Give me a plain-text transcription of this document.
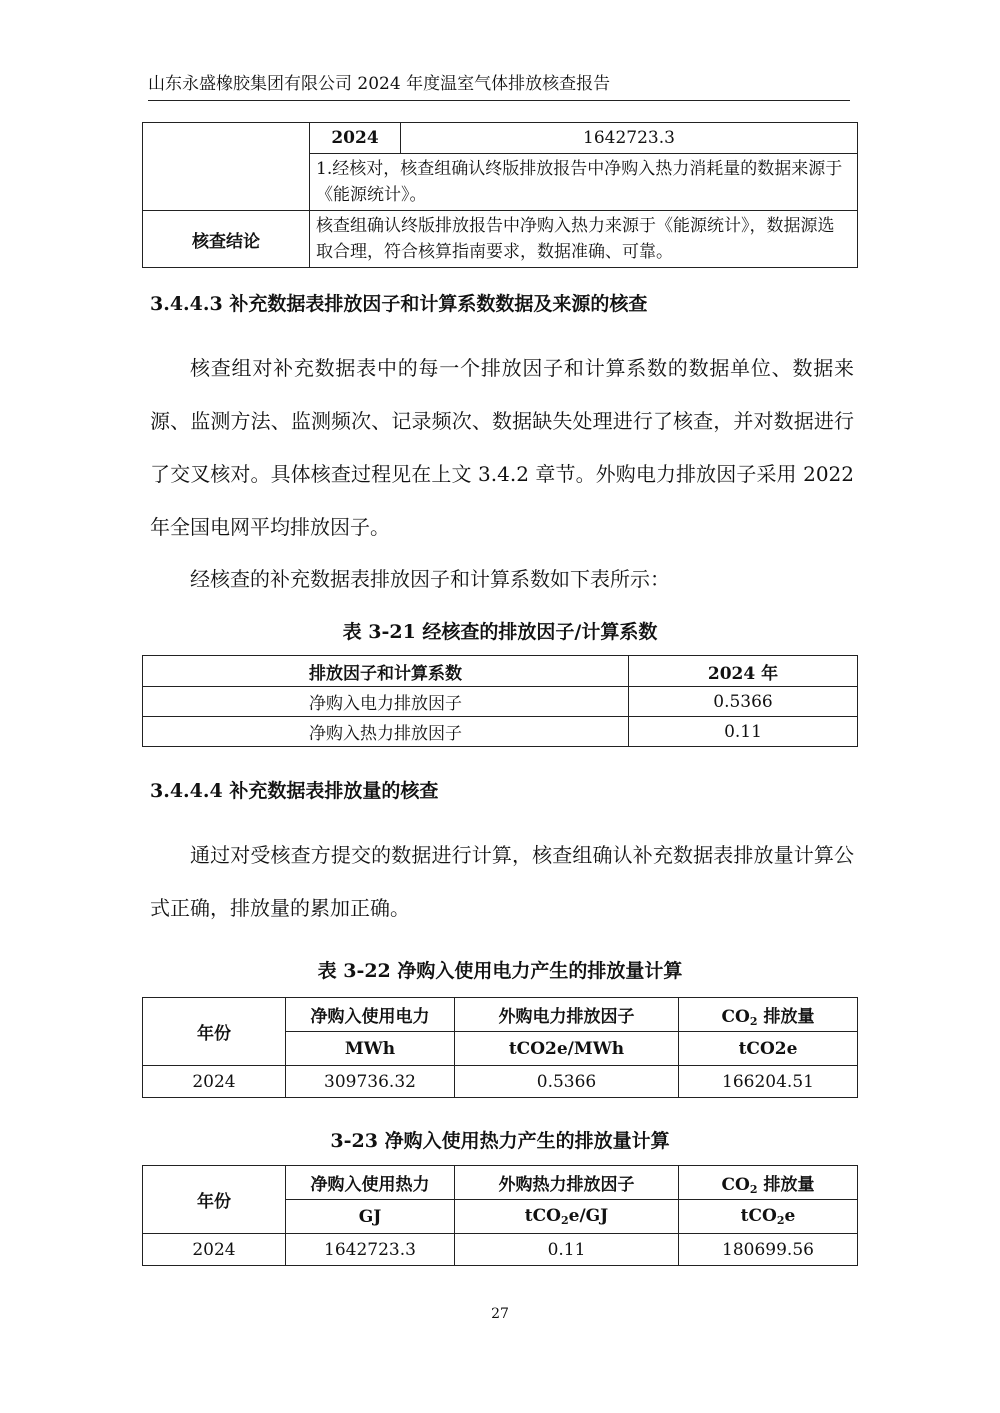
山东永盛橡胶集团有限公司 2024 年度温室气体排放核查报告
	2024	1642723.3
	1.经核对，核查组确认终版排放报告中净购入热力消耗量的数据来源于《能源统计》。	
核查结论	核查组确认终版排放报告中净购入热力来源于《能源统计》，数据源选取合理，符合核算指南要求，数据准确、可靠。	
3.4.4.3 补充数据表排放因子和计算系数数据及来源的核查
核查组对补充数据表中的每一个排放因子和计算系数的数据单位、数据来源、监测方法、监测频次、记录频次、数据缺失处理进行了核查，并对数据进行了交叉核对。具体核查过程见在上文 3.4.2 章节。外购电力排放因子采用 2022 年全国电网平均排放因子。
经核查的补充数据表排放因子和计算系数如下表所示：
表 3-21 经核查的排放因子/计算系数
排放因子和计算系数	2024 年
净购入电力排放因子	0.5366
净购入热力排放因子	0.11
3.4.4.4 补充数据表排放量的核查
通过对受核查方提交的数据进行计算，核查组确认补充数据表排放量计算公式正确，排放量的累加正确。
表 3-22 净购入使用电力产生的排放量计算
年份	净购入使用电力	外购电力排放因子	$CO_2$ 排放量
	MWh	tCO2e/MWh	tCO2e
2024	309736.32	0.5366	166204.51
3-23 净购入使用热力产生的排放量计算
年份	净购入使用热力	外购热力排放因子	$CO_2$ 排放量
	GJ	tCO$_2$e/GJ	tCO$_2$e
2024	1642723.3	0.11	180699.56
27
